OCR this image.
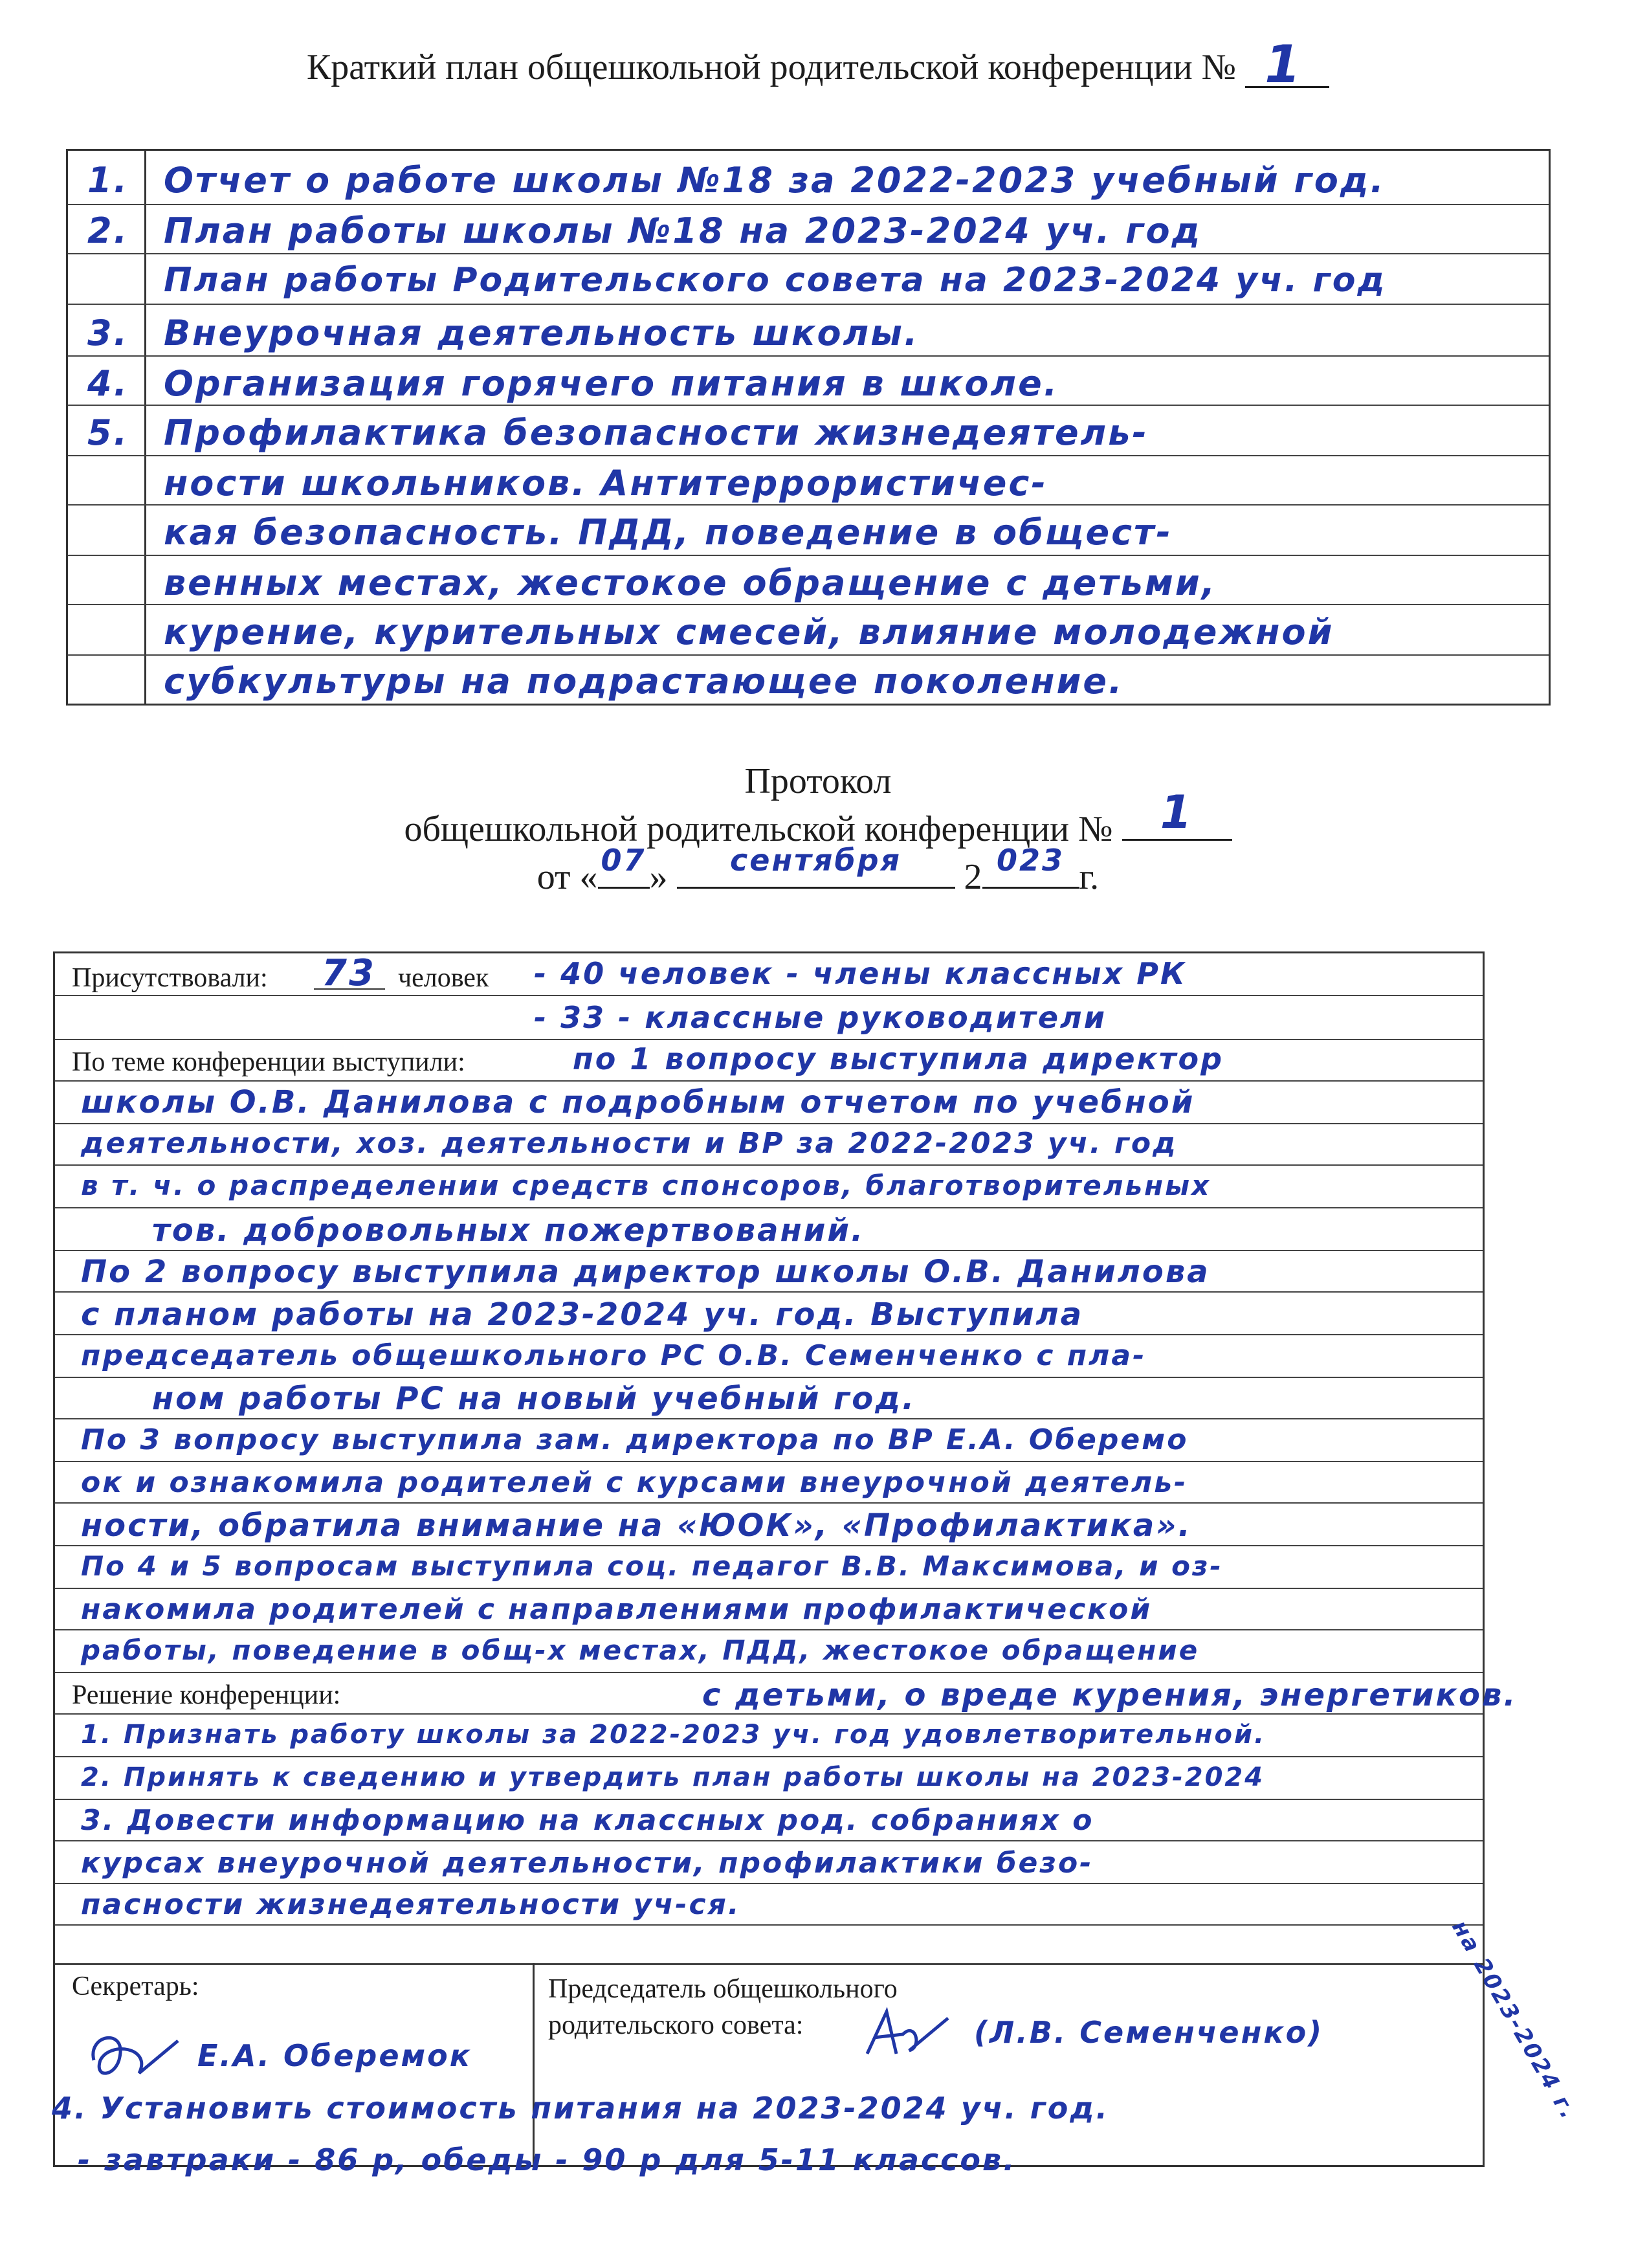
Краткий план общешкольной родительской конференции № 1
1. Отчет о работе школы №18 за 2022-2023 учебный год.
2. План работы школы №18 на 2023-2024 уч. год
План работы Родительского совета на 2023-2024 уч. год
3. Внеурочная деятельность школы.
4. Организация горячего питания в школе.
5. Профилактика безопасности жизнедеятель-
ности школьников. Антитеррористичес-
кая безопасность. ПДД, поведение в общест-
венных местах, жестокое обращение с детьми,
курение, курительных смесей, влияние молодежной
субкультуры на подрастающее поколение.
Протокол
общешкольной родительской конференции №	1
от « 07 »	сентября	2 023 г.
Присутствовали: 73 человек - 40 человек - члены классных РК
- 33 - классные руководители
По теме конференции выступили:	по 1 вопросу выступила директор
школы О.В. Данилова с подробным отчетом по учебной
деятельности, хоз. деятельности и ВР за 2022-2023 уч. год
в т. ч. о распределении средств спонсоров, благотворительных
тов. добровольных пожертвований.
По 2 вопросу выступила директор школы О.В. Данилова
с планом работы на 2023-2024 уч. год. Выступила
председатель общешкольного РС О.В. Семенченко с пла-
ном работы РС на новый учебный год.
По 3 вопросу выступила зам. директора по ВР Е.А. Оберемо
ок и ознакомила родителей с курсами внеурочной деятель-
ности, обратила внимание на «ЮОК», «Профилактика».
По 4 и 5 вопросам выступила соц. педагог В.В. Максимова, и оз-
накомила родителей с направлениями профилактической
работы, поведение в общ-х местах, ПДД, жестокое обращение
с детьми, о вреде курения, энергетиков.
Решение конференции:
1. Признать работу школы за 2022-2023 уч. год удовлетворительной.
2. Принять к сведению и утвердить план работы школы на 2023-2024
3. Довести информацию на классных род. собраниях о
курсах внеурочной деятельности, профилактики безо-
пасности жизнедеятельности уч-ся.
Секретарь:
Е.А. Оберемок
Председатель общешкольного
родительского совета:	(Л.В. Семенченко)	на 2023-2024 г.
4. Установить стоимость питания на 2023-2024 уч. год.
- завтраки - 86 р, обеды - 90 р для 5-11 классов.
